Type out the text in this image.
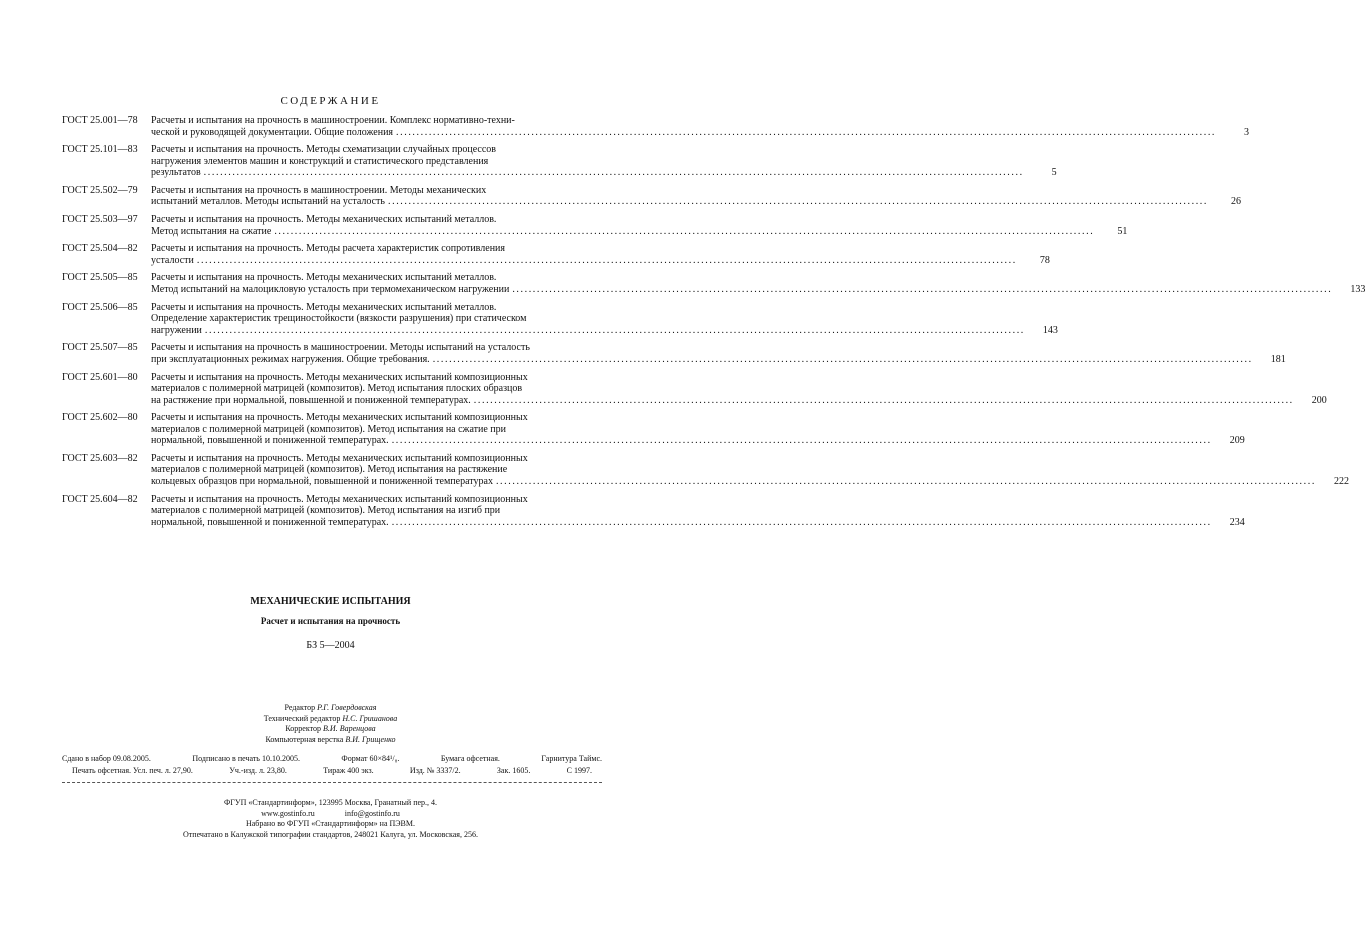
СОДЕРЖАНИЕ
ГОСТ 25.001—78	Расчеты и испытания на прочность в машиностроении. Комплекс нормативно-техни-
ческой и руководящей документации. Общие положения ........................................................................................................................................................................................................	3
ГОСТ 25.101—83	Расчеты и испытания на прочность. Методы схематизации случайных процессов
нагружения элементов машин и конструкций и статистического представления
результатов ........................................................................................................................................................................................................	5
ГОСТ 25.502—79	Расчеты и испытания на прочность в машиностроении. Методы механических
испытаний металлов. Методы испытаний на усталость ........................................................................................................................................................................................................	26
ГОСТ 25.503—97	Расчеты и испытания на прочность. Методы механических испытаний металлов.
Метод испытания на сжатие ........................................................................................................................................................................................................	51
ГОСТ 25.504—82	Расчеты и испытания на прочность. Методы расчета характеристик сопротивления
усталости ........................................................................................................................................................................................................	78
ГОСТ 25.505—85	Расчеты и испытания на прочность. Методы механических испытаний металлов.
Метод испытаний на малоцикловую усталость при термомеханическом нагружении ........................................................................................................................................................................................................	133
ГОСТ 25.506—85	Расчеты и испытания на прочность. Методы механических испытаний металлов.
Определение характеристик трещиностойкости (вязкости разрушения) при статическом
нагружении ........................................................................................................................................................................................................	143
ГОСТ 25.507—85	Расчеты и испытания на прочность в машиностроении. Методы испытаний на усталость
при эксплуатационных режимах нагружения. Общие требования. ........................................................................................................................................................................................................	181
ГОСТ 25.601—80	Расчеты и испытания на прочность. Методы механических испытаний композиционных
материалов с полимерной матрицей (композитов). Метод испытания плоских образцов
на растяжение при нормальной, повышенной и пониженной температурах. ........................................................................................................................................................................................................	200
ГОСТ 25.602—80	Расчеты и испытания на прочность. Методы механических испытаний композиционных
материалов с полимерной матрицей (композитов). Метод испытания на сжатие при
нормальной, повышенной и пониженной температурах. ........................................................................................................................................................................................................	209
ГОСТ 25.603—82	Расчеты и испытания на прочность. Методы механических испытаний композиционных
материалов с полимерной матрицей (композитов). Метод испытания на растяжение
кольцевых образцов при нормальной, повышенной и пониженной температурах ........................................................................................................................................................................................................	222
ГОСТ 25.604—82	Расчеты и испытания на прочность. Методы механических испытаний композиционных
материалов с полимерной матрицей (композитов). Метод испытания на изгиб при
нормальной, повышенной и пониженной температурах. ........................................................................................................................................................................................................	234
МЕХАНИЧЕСКИЕ ИСПЫТАНИЯ
Расчет и испытания на прочность
БЗ 5—2004
Редактор Р.Г. Говердовская
Технический редактор Н.С. Гришанова
Корректор В.И. Варенцова
Компьютерная верстка В.И. Грищенко
Сдано в набор 09.08.2005.	Подписано в печать 10.10.2005.	Формат 60×84¹/₈.	Бумага офсетная.	Гарнитура Таймс.
Печать офсетная. Усл. печ. л. 27,90.	Уч.-изд. л. 23,80.	Тираж 400 экз.	Изд. № 3337/2.	Зак. 1605.	С 1997.
ФГУП «Стандартинформ», 123995 Москва, Гранатный пер., 4.
www.gostinfo.ru	info@gostinfo.ru
Набрано во ФГУП «Стандартинформ» на ПЭВМ.
Отпечатано в Калужской типографии стандартов, 248021 Калуга, ул. Московская, 256.
